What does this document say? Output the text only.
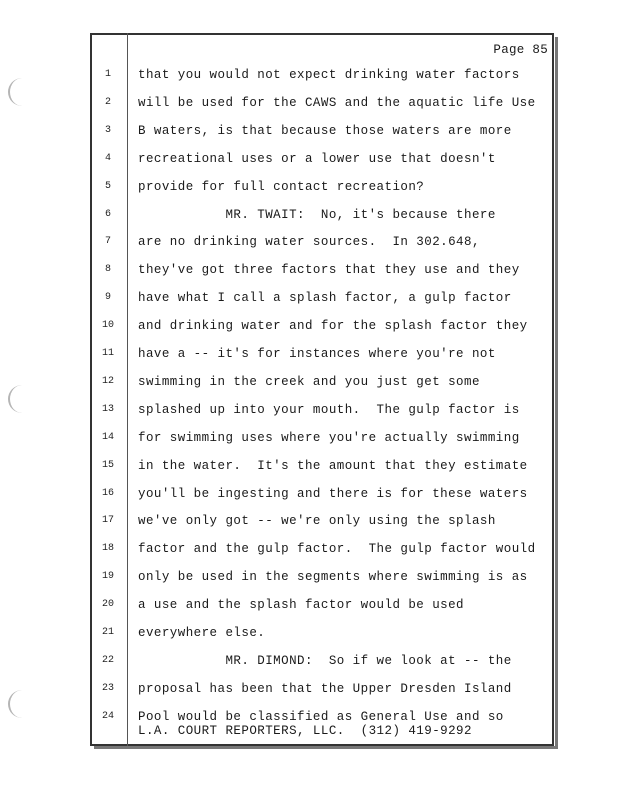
Page 85
1	that you would not expect drinking water factors
2	will be used for the CAWS and the aquatic life Use
3	B waters, is that because those waters are more
4	recreational uses or a lower use that doesn't
5	provide for full contact recreation?
6	MR. TWAIT:  No, it's because there
7	are no drinking water sources.  In 302.648,
8	they've got three factors that they use and they
9	have what I call a splash factor, a gulp factor
10 and drinking water and for the splash factor they
11 have a -- it's for instances where you're not
12 swimming in the creek and you just get some
13 splashed up into your mouth.  The gulp factor is
14 for swimming uses where you're actually swimming
15 in the water.  It's the amount that they estimate
16 you'll be ingesting and there is for these waters
17 we've only got -- we're only using the splash
18 factor and the gulp factor.  The gulp factor would
19 only be used in the segments where swimming is as
20 a use and the splash factor would be used
21 everywhere else.
22 MR. DIMOND:  So if we look at -- the
23 proposal has been that the Upper Dresden Island
24 Pool would be classified as General Use and so
L.A. COURT REPORTERS, LLC.  (312) 419-9292
